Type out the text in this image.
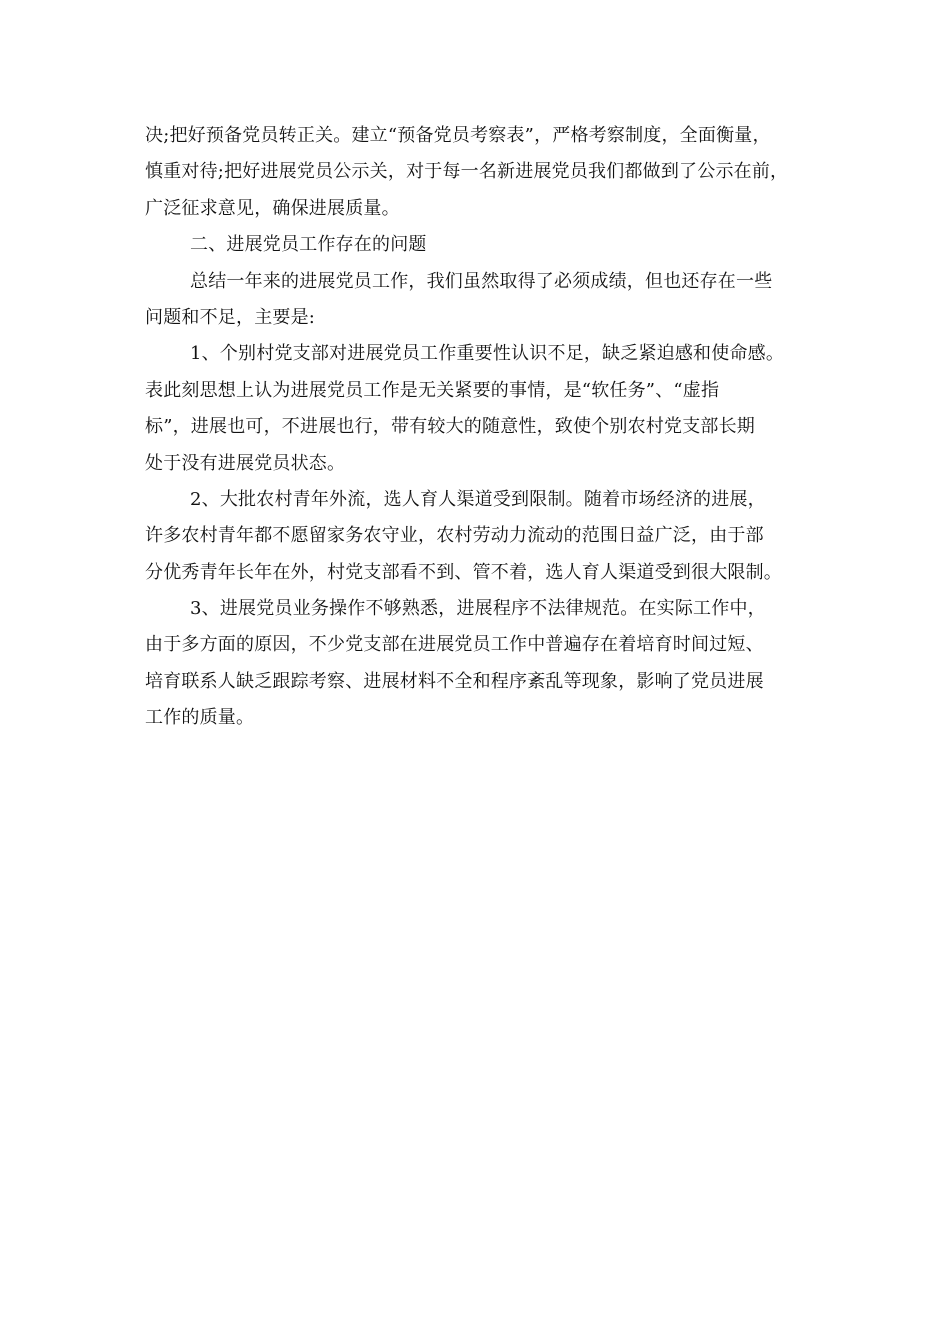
决;把好预备党员转正关。建立“预备党员考察表”，严格考察制度，全面衡量，
慎重对待;把好进展党员公示关，对于每一名新进展党员我们都做到了公示在前，
广泛征求意见，确保进展质量。
二、进展党员工作存在的问题
总结一年来的进展党员工作，我们虽然取得了必须成绩，但也还存在一些
问题和不足，主要是:
1、个别村党支部对进展党员工作重要性认识不足，缺乏紧迫感和使命感。
表此刻思想上认为进展党员工作是无关紧要的事情，是“软任务”、“虚指
标”，进展也可，不进展也行，带有较大的随意性，致使个别农村党支部长期
处于没有进展党员状态。
2、大批农村青年外流，选人育人渠道受到限制。随着市场经济的进展，
许多农村青年都不愿留家务农守业，农村劳动力流动的范围日益广泛，由于部
分优秀青年长年在外，村党支部看不到、管不着，选人育人渠道受到很大限制。
3、进展党员业务操作不够熟悉，进展程序不法律规范。在实际工作中，
由于多方面的原因，不少党支部在进展党员工作中普遍存在着培育时间过短、
培育联系人缺乏跟踪考察、进展材料不全和程序紊乱等现象，影响了党员进展
工作的质量。
